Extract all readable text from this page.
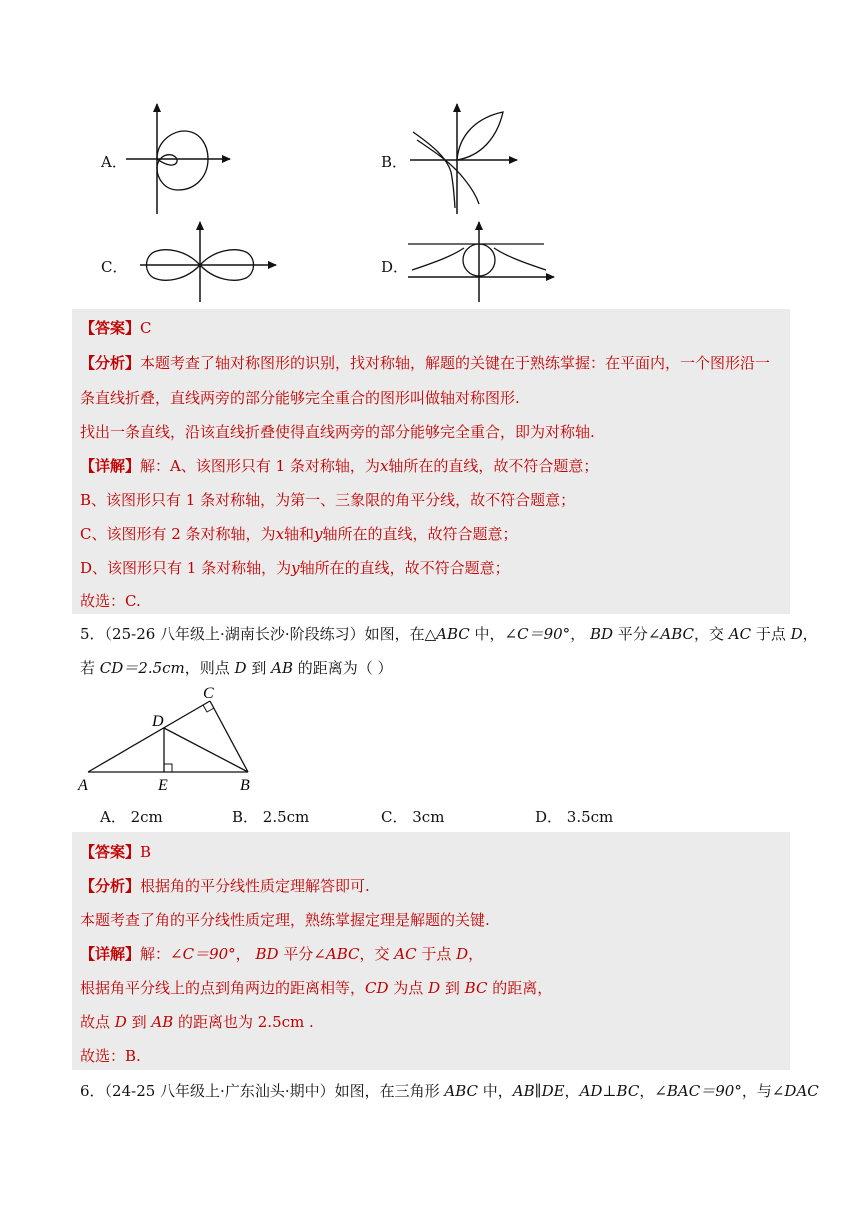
A．	B．
C．	D．
【答案】C
【分析】本题考查了轴对称图形的识别，找对称轴，解题的关键在于熟练掌握：在平面内，一个图形沿一
条直线折叠，直线两旁的部分能够完全重合的图形叫做轴对称图形.
找出一条直线，沿该直线折叠使得直线两旁的部分能够完全重合，即为对称轴.
【详解】解：A、该图形只有 1 条对称轴，为x轴所在的直线，故不符合题意；
B、该图形只有 1 条对称轴，为第一、三象限的角平分线，故不符合题意；
C、该图形有 2 条对称轴，为x轴和y轴所在的直线，故符合题意；
D、该图形只有 1 条对称轴，为y轴所在的直线，故不符合题意；
故选：C.
5．（25-26 八年级上·湖南长沙·阶段练习）如图，在△ABC 中，∠C＝90°， BD 平分∠ABC，交 AC 于点 D，
若 CD＝2.5cm，则点 D 到 AB 的距离为（ ）
C
D
A	E	B
A． 2cm	B． 2.5cm	C． 3cm	D． 3.5cm
【答案】B
【分析】根据角的平分线性质定理解答即可.
本题考查了角的平分线性质定理，熟练掌握定理是解题的关键.
【详解】解：∠C＝90°， BD 平分∠ABC，交 AC 于点 D，
根据角平分线上的点到角两边的距离相等，CD 为点 D 到 BC 的距离，
故点 D 到 AB 的距离也为 2.5cm .
故选：B.
6．（24-25 八年级上·广东汕头·期中）如图，在三角形 ABC 中，AB∥DE，AD⊥BC，∠BAC＝90°，与∠DAC
